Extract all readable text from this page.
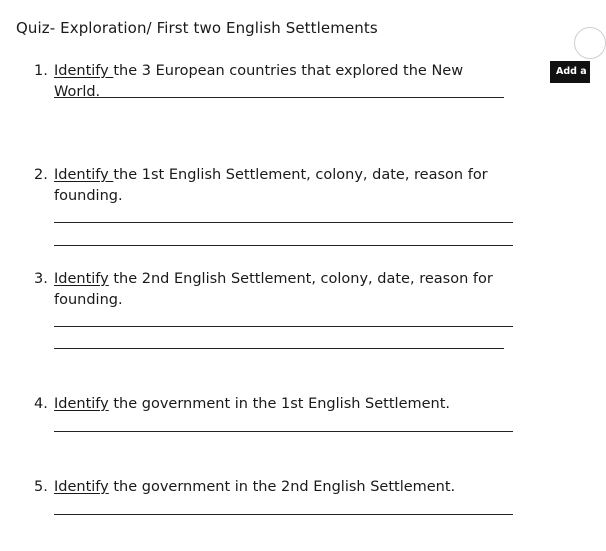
Quiz- Exploration/ First two English Settlements
Add a
1. Identify the 3 European countries that explored the New World.
2. Identify the 1st English Settlement, colony, date, reason for founding.
3. Identify the 2nd English Settlement, colony, date, reason for founding.
4. Identify the government in the 1st English Settlement.
5. Identify the government in the 2nd English Settlement.
